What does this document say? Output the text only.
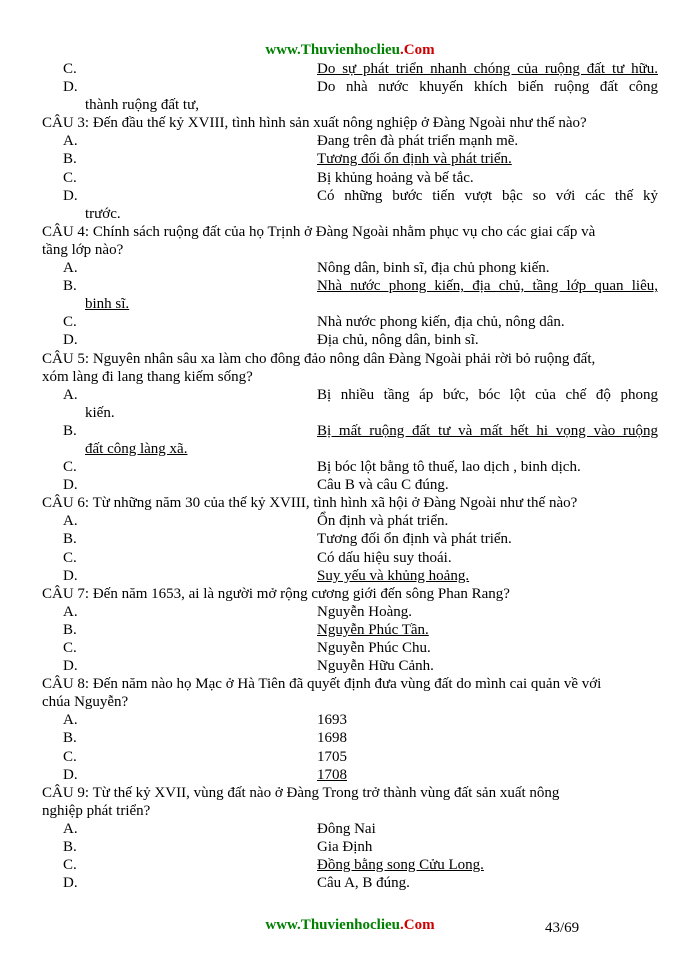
www.Thuvienhoclieu.Com
C.	Do sự phát triển nhanh chóng của ruộng đất tư hữu.
D.	Do nhà nước khuyến khích biến ruộng đất công
thành ruộng đất tư,
CÂU 3: Đến đầu thế kỷ XVIII, tình hình sản xuất nông nghiệp ở Đàng Ngoài như thế nào?
A.	Đang trên đà phát triển mạnh mẽ.
B.	Tương đối ổn định và phát triển.
C.	Bị khủng hoảng và bế tắc.
D.	Có những bước tiến vượt bậc so với các thế kỷ
trước.
CÂU 4: Chính sách ruộng đất của họ Trịnh ở Đàng Ngoài nhằm phục vụ cho các giai cấp và
tầng lớp nào?
A.	Nông dân, binh sĩ, địa chủ phong kiến.
B.	Nhà nước phong kiến, địa chủ, tầng lớp quan liêu,
binh sĩ.
C.	Nhà nước phong kiến, địa chủ, nông dân.
D.	Địa chủ, nông dân, binh sĩ.
CÂU 5: Nguyên nhân sâu xa làm cho đông đảo nông dân Đàng Ngoài phải rời bỏ ruộng đất,
xóm làng đi lang thang kiếm sống?
A.	Bị nhiều tầng áp bức, bóc lột của chế độ phong
kiến.
B.	Bị mất ruộng đất tư và mất hết hi vọng vào ruộng
đất công làng xã.
C.	Bị bóc lột bằng tô thuế, lao dịch , binh dịch.
D.	Câu B và câu C đúng.
CÂU 6: Từ những năm 30 của thế kỷ XVIII, tình hình xã hội ở Đàng Ngoài như thế nào?
A.	Ổn định và phát triển.
B.	Tương đối ổn định và phát triển.
C.	Có dấu hiệu suy thoái.
D.	Suy yếu và khủng hoảng.
CÂU 7: Đến năm 1653, ai là người mở rộng cương giới đến sông Phan Rang?
A.	Nguyễn Hoàng.
B.	Nguyễn Phúc Tần.
C.	Nguyễn Phúc Chu.
D.	Nguyễn Hữu Cảnh.
CÂU 8: Đến năm nào họ Mạc ở Hà Tiên đã quyết định đưa vùng đất do mình cai quản về với
chúa Nguyễn?
A.	1693
B.	1698
C.	1705
D.	1708
CÂU 9: Từ thế kỷ XVII, vùng đất nào ở Đàng Trong trở thành vùng đất sản xuất nông
nghiệp phát triển?
A.	Đông Nai
B.	Gia Định
C.	Đồng bằng song Cửu Long.
D.	Câu A, B đúng.
www.Thuvienhoclieu.Com	43/69
